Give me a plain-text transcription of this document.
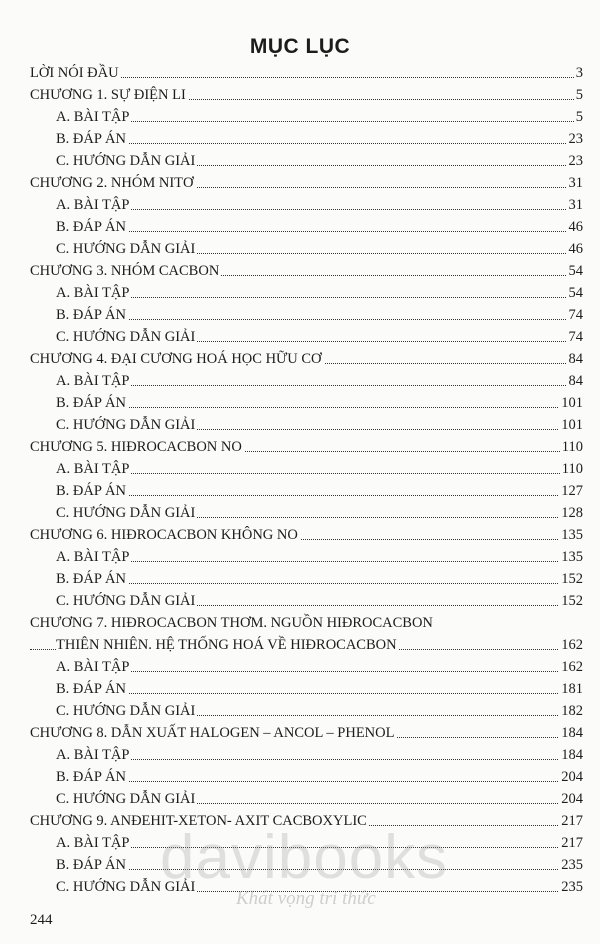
MỤC LỤC
LỜI NÓI ĐẦU	3
CHƯƠNG 1. SỰ ĐIỆN LI	5
A. BÀI TẬP	5
B. ĐÁP ÁN	23
C. HƯỚNG DẪN GIẢI	23
CHƯƠNG 2. NHÓM NITƠ	31
A. BÀI TẬP	31
B. ĐÁP ÁN	46
C. HƯỚNG DẪN GIẢI	46
CHƯƠNG 3. NHÓM CACBON	54
A. BÀI TẬP	54
B. ĐÁP ÁN	74
C. HƯỚNG DẪN GIẢI	74
CHƯƠNG 4. ĐẠI CƯƠNG HOÁ HỌC HỮU CƠ	84
A. BÀI TẬP	84
B. ĐÁP ÁN	101
C. HƯỚNG DẪN GIẢI	101
CHƯƠNG 5. HIĐROCACBON NO	110
A. BÀI TẬP	110
B. ĐÁP ÁN	127
C. HƯỚNG DẪN GIẢI	128
CHƯƠNG 6. HIĐROCACBON KHÔNG NO	135
A. BÀI TẬP	135
B. ĐÁP ÁN	152
C. HƯỚNG DẪN GIẢI	152
CHƯƠNG 7. HIĐROCACBON THƠM. NGUỒN HIĐROCACBON
THIÊN NHIÊN. HỆ THỐNG HOÁ VỀ HIĐROCACBON	162
A. BÀI TẬP	162
B. ĐÁP ÁN	181
C. HƯỚNG DẪN GIẢI	182
CHƯƠNG 8. DẪN XUẤT HALOGEN – ANCOL – PHENOL	184
A. BÀI TẬP	184
B. ĐÁP ÁN	204
C. HƯỚNG DẪN GIẢI	204
CHƯƠNG 9. ANĐEHIT-XETON- AXIT CACBOXYLIC	217
A. BÀI TẬP	217
B. ĐÁP ÁN	235
C. HƯỚNG DẪN GIẢI	235
davibooks
Khát vọng tri thức
244
